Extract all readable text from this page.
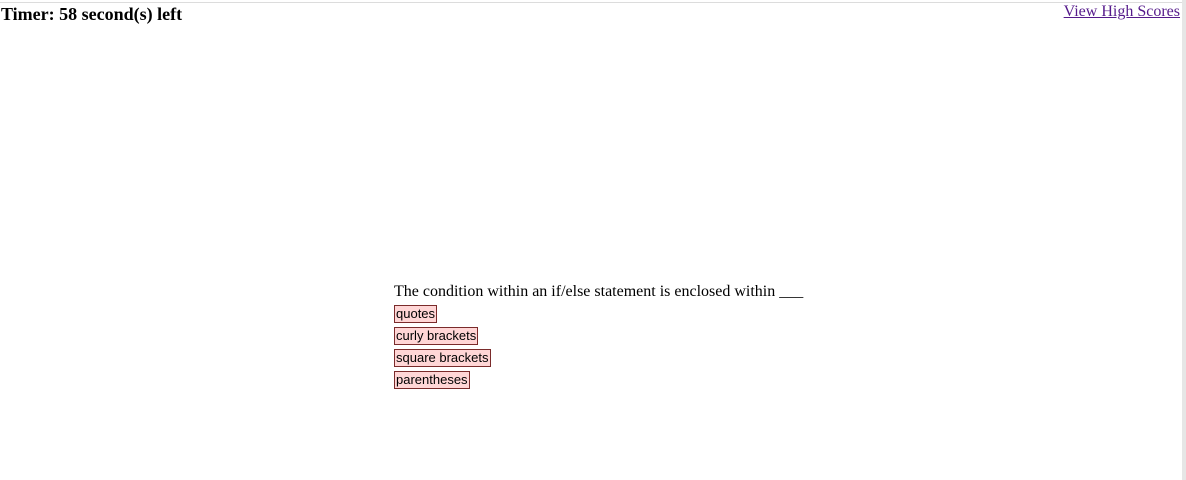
Timer: 58 second(s) left	View High Scores
The condition within an if/else statement is enclosed within ___
quotes
curly brackets
square brackets
parentheses
